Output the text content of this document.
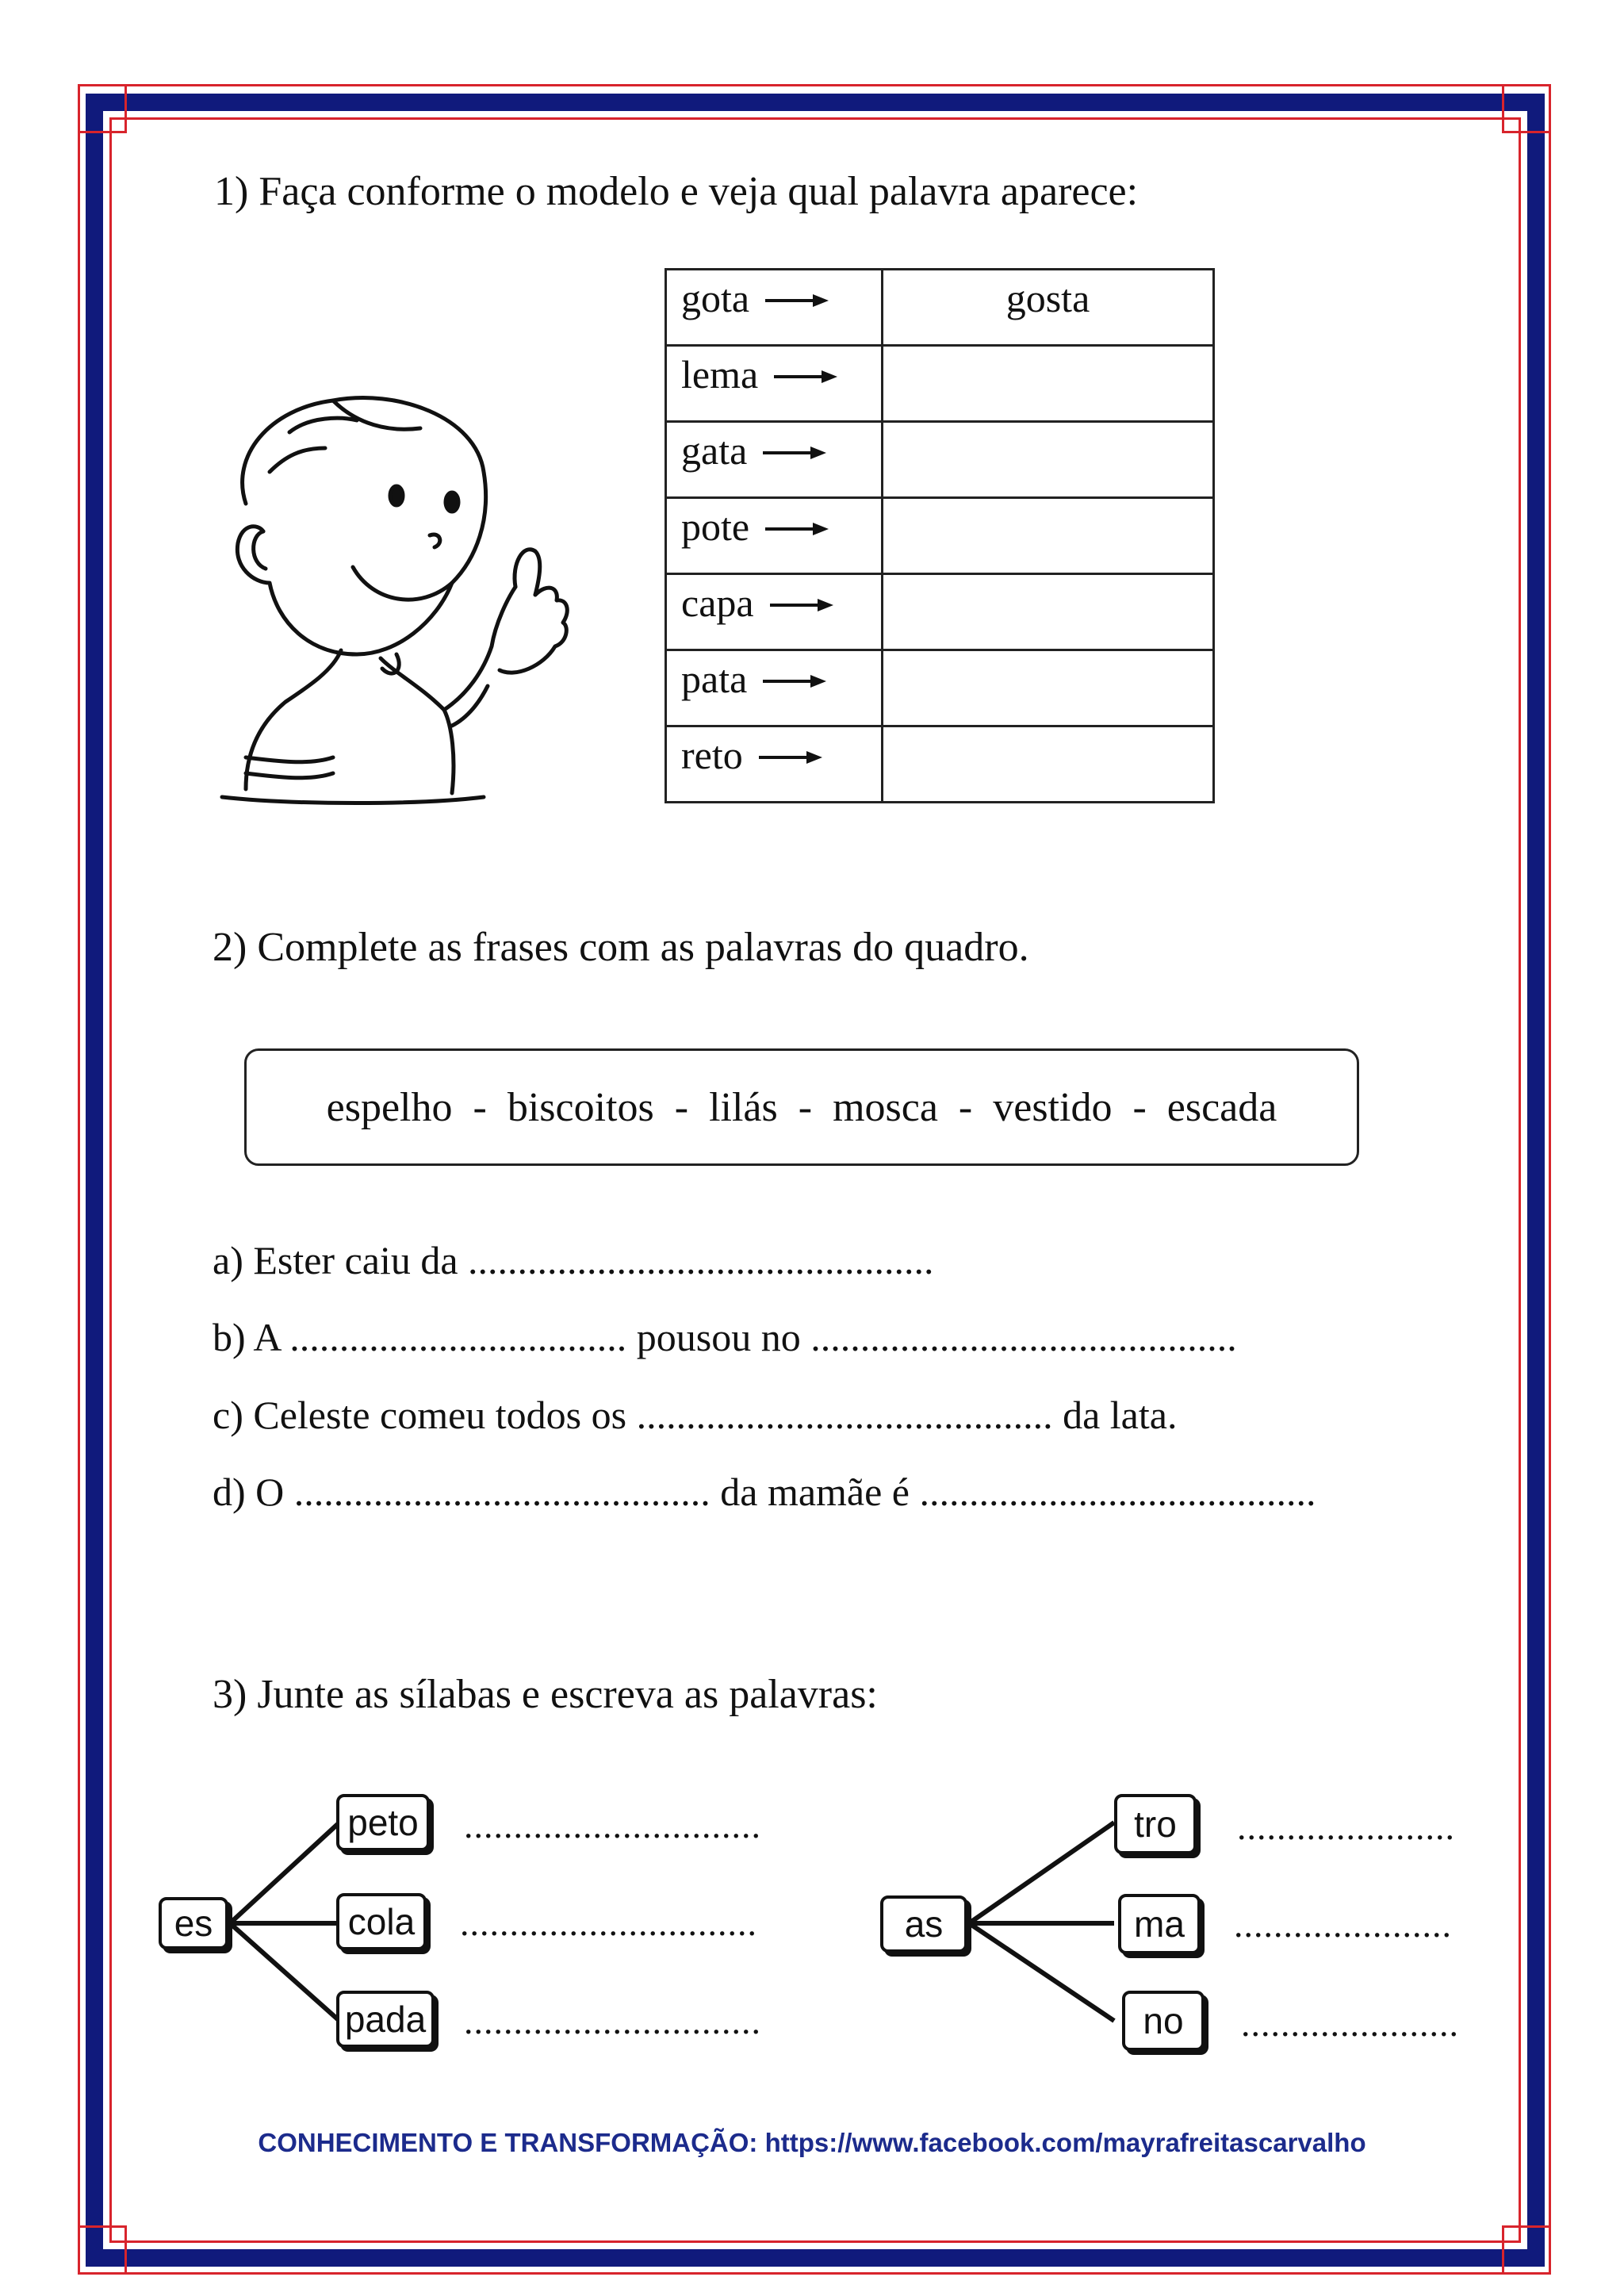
1) Faça conforme o modelo e veja qual palavra aparece:
gota	gosta

lema	

gata	

pote	

capa	

pata	

reto	

2) Complete as frases com as palavras do quadro.
espelho - biscoitos - lilás - mosca - vestido - escada
a) Ester caiu da ...............................................
b) A .................................. pousou no ...........................................
c) Celeste comeu todos os .......................................... da lata.
d) O .......................................... da mamãe é ........................................
3) Junte as sílabas e escreva as palavras:
es
peto
cola
pada
..............................
..............................
..............................
as
tro
ma
no
......................
......................
......................
CONHECIMENTO E TRANSFORMAÇÃO: https://www.facebook.com/mayrafreitascarvalho
